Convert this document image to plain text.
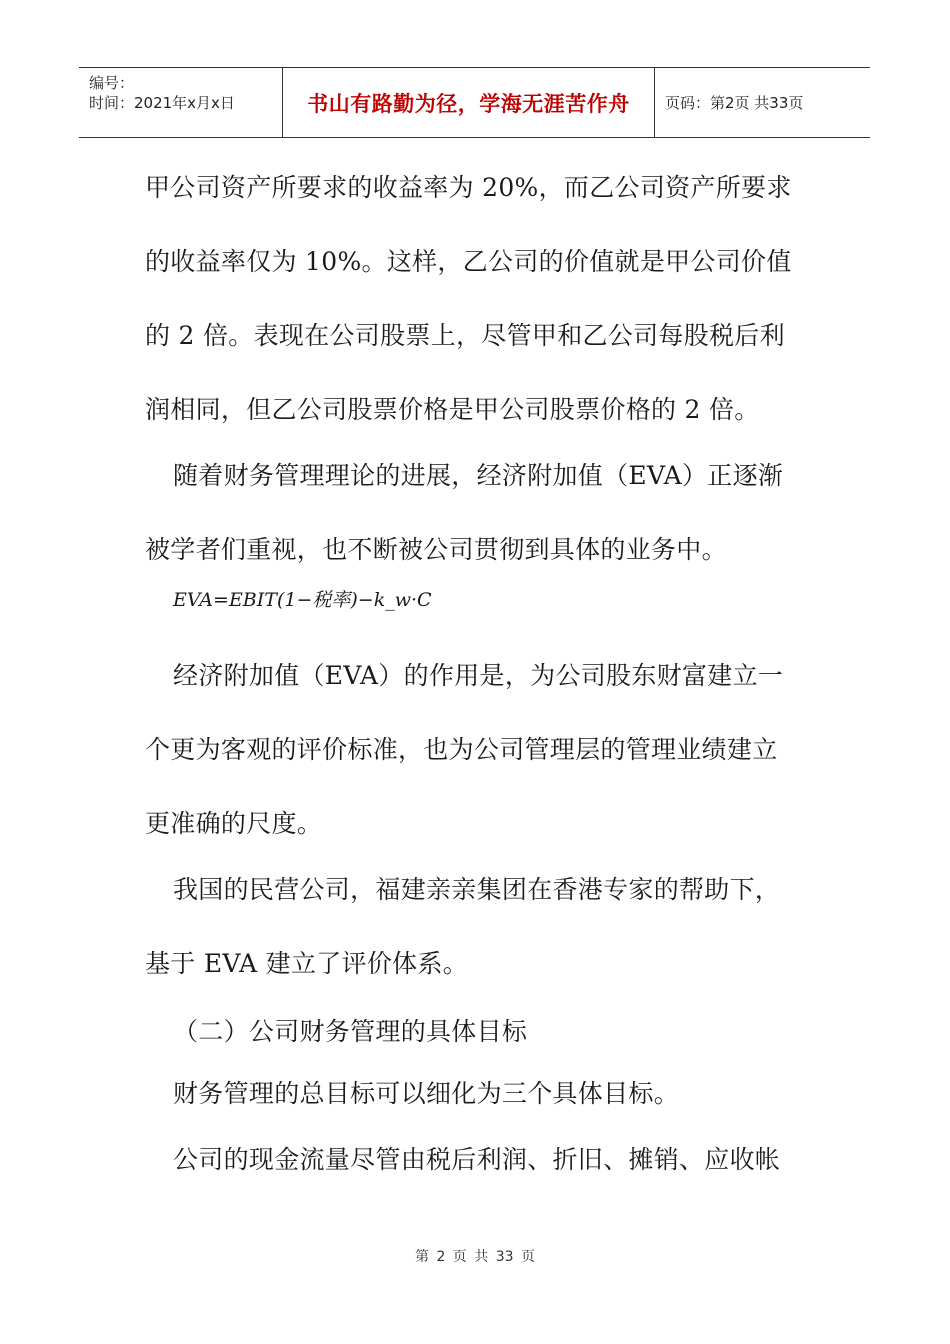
编号：
时间：2021年x月x日	书山有路勤为径，学海无涯苦作舟 页码：第2页 共33页
甲公司资产所要求的收益率为 20%，而乙公司资产所要求
的收益率仅为 10%。这样，乙公司的价值就是甲公司价值
的 2 倍。表现在公司股票上，尽管甲和乙公司每股税后利
润相同，但乙公司股票价格是甲公司股票价格的 2 倍。
随着财务管理理论的进展，经济附加值（EVA）正逐渐
被学者们重视，也不断被公司贯彻到具体的业务中。
EVA=EBIT(1−税率)−k_w·C
经济附加值（EVA）的作用是，为公司股东财富建立一
个更为客观的评价标准，也为公司管理层的管理业绩建立
更准确的尺度。
我国的民营公司，福建亲亲集团在香港专家的帮助下，
基于 EVA 建立了评价体系。
（二）公司财务管理的具体目标
财务管理的总目标可以细化为三个具体目标。
公司的现金流量尽管由税后利润、折旧、摊销、应收帐
第 2 页 共 33 页
